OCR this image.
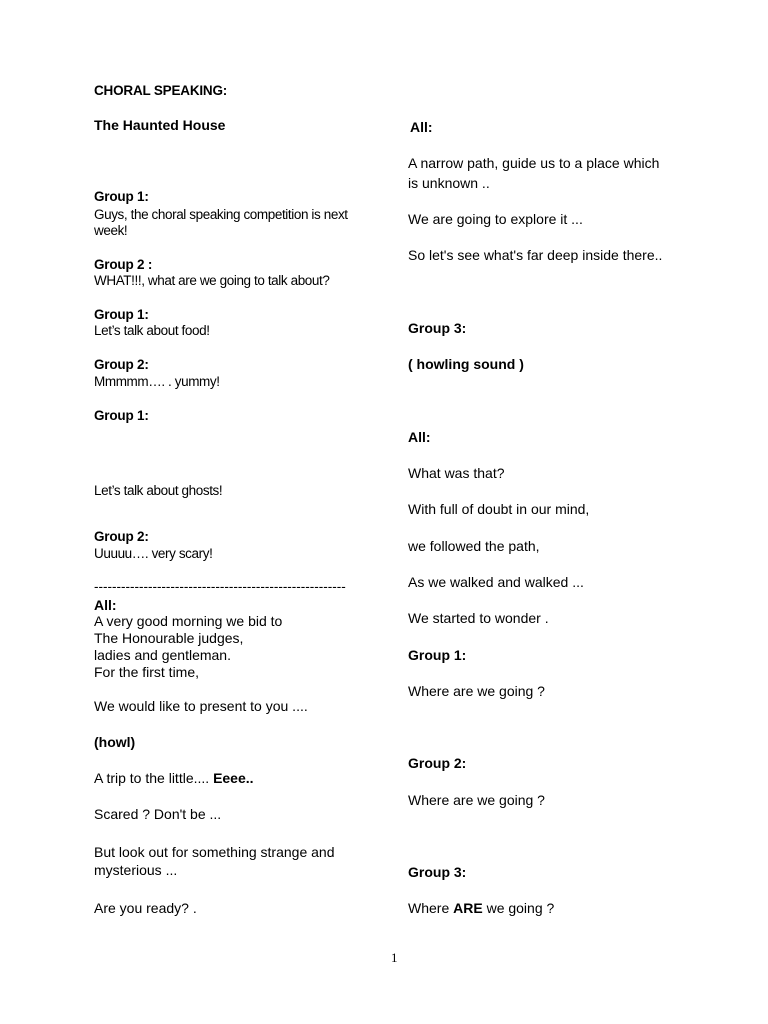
CHORAL SPEAKING:
The Haunted House
Group 1:
Guys, the choral speaking competition is next
week!
Group 2 :
WHAT!!!, what are we going to talk about?
Group 1:
Let’s talk about food!
Group 2:
Mmmmm…. . yummy!
Group 1:
Let’s talk about ghosts!
Group 2:
Uuuuu…. very scary!
--------------------------------------------------------
All:
A very good morning we bid to
The Honourable judges,
ladies and gentleman.
For the first time,
We would like to present to you ....
(howl)
A trip to the little.... Eeee..
Scared ? Don't be ...
But look out for something strange and
mysterious ...
Are you ready? .
All:
A narrow path, guide us to a place which
is unknown ..
We are going to explore it ...
So let's see what's far deep inside there..
Group 3:
( howling sound )
All:
What was that?
With full of doubt in our mind,
we followed the path,
As we walked and walked ...
We started to wonder .
Group 1:
Where are we going ?
Group 2:
Where are we going ?
Group 3:
Where ARE we going ?
1
